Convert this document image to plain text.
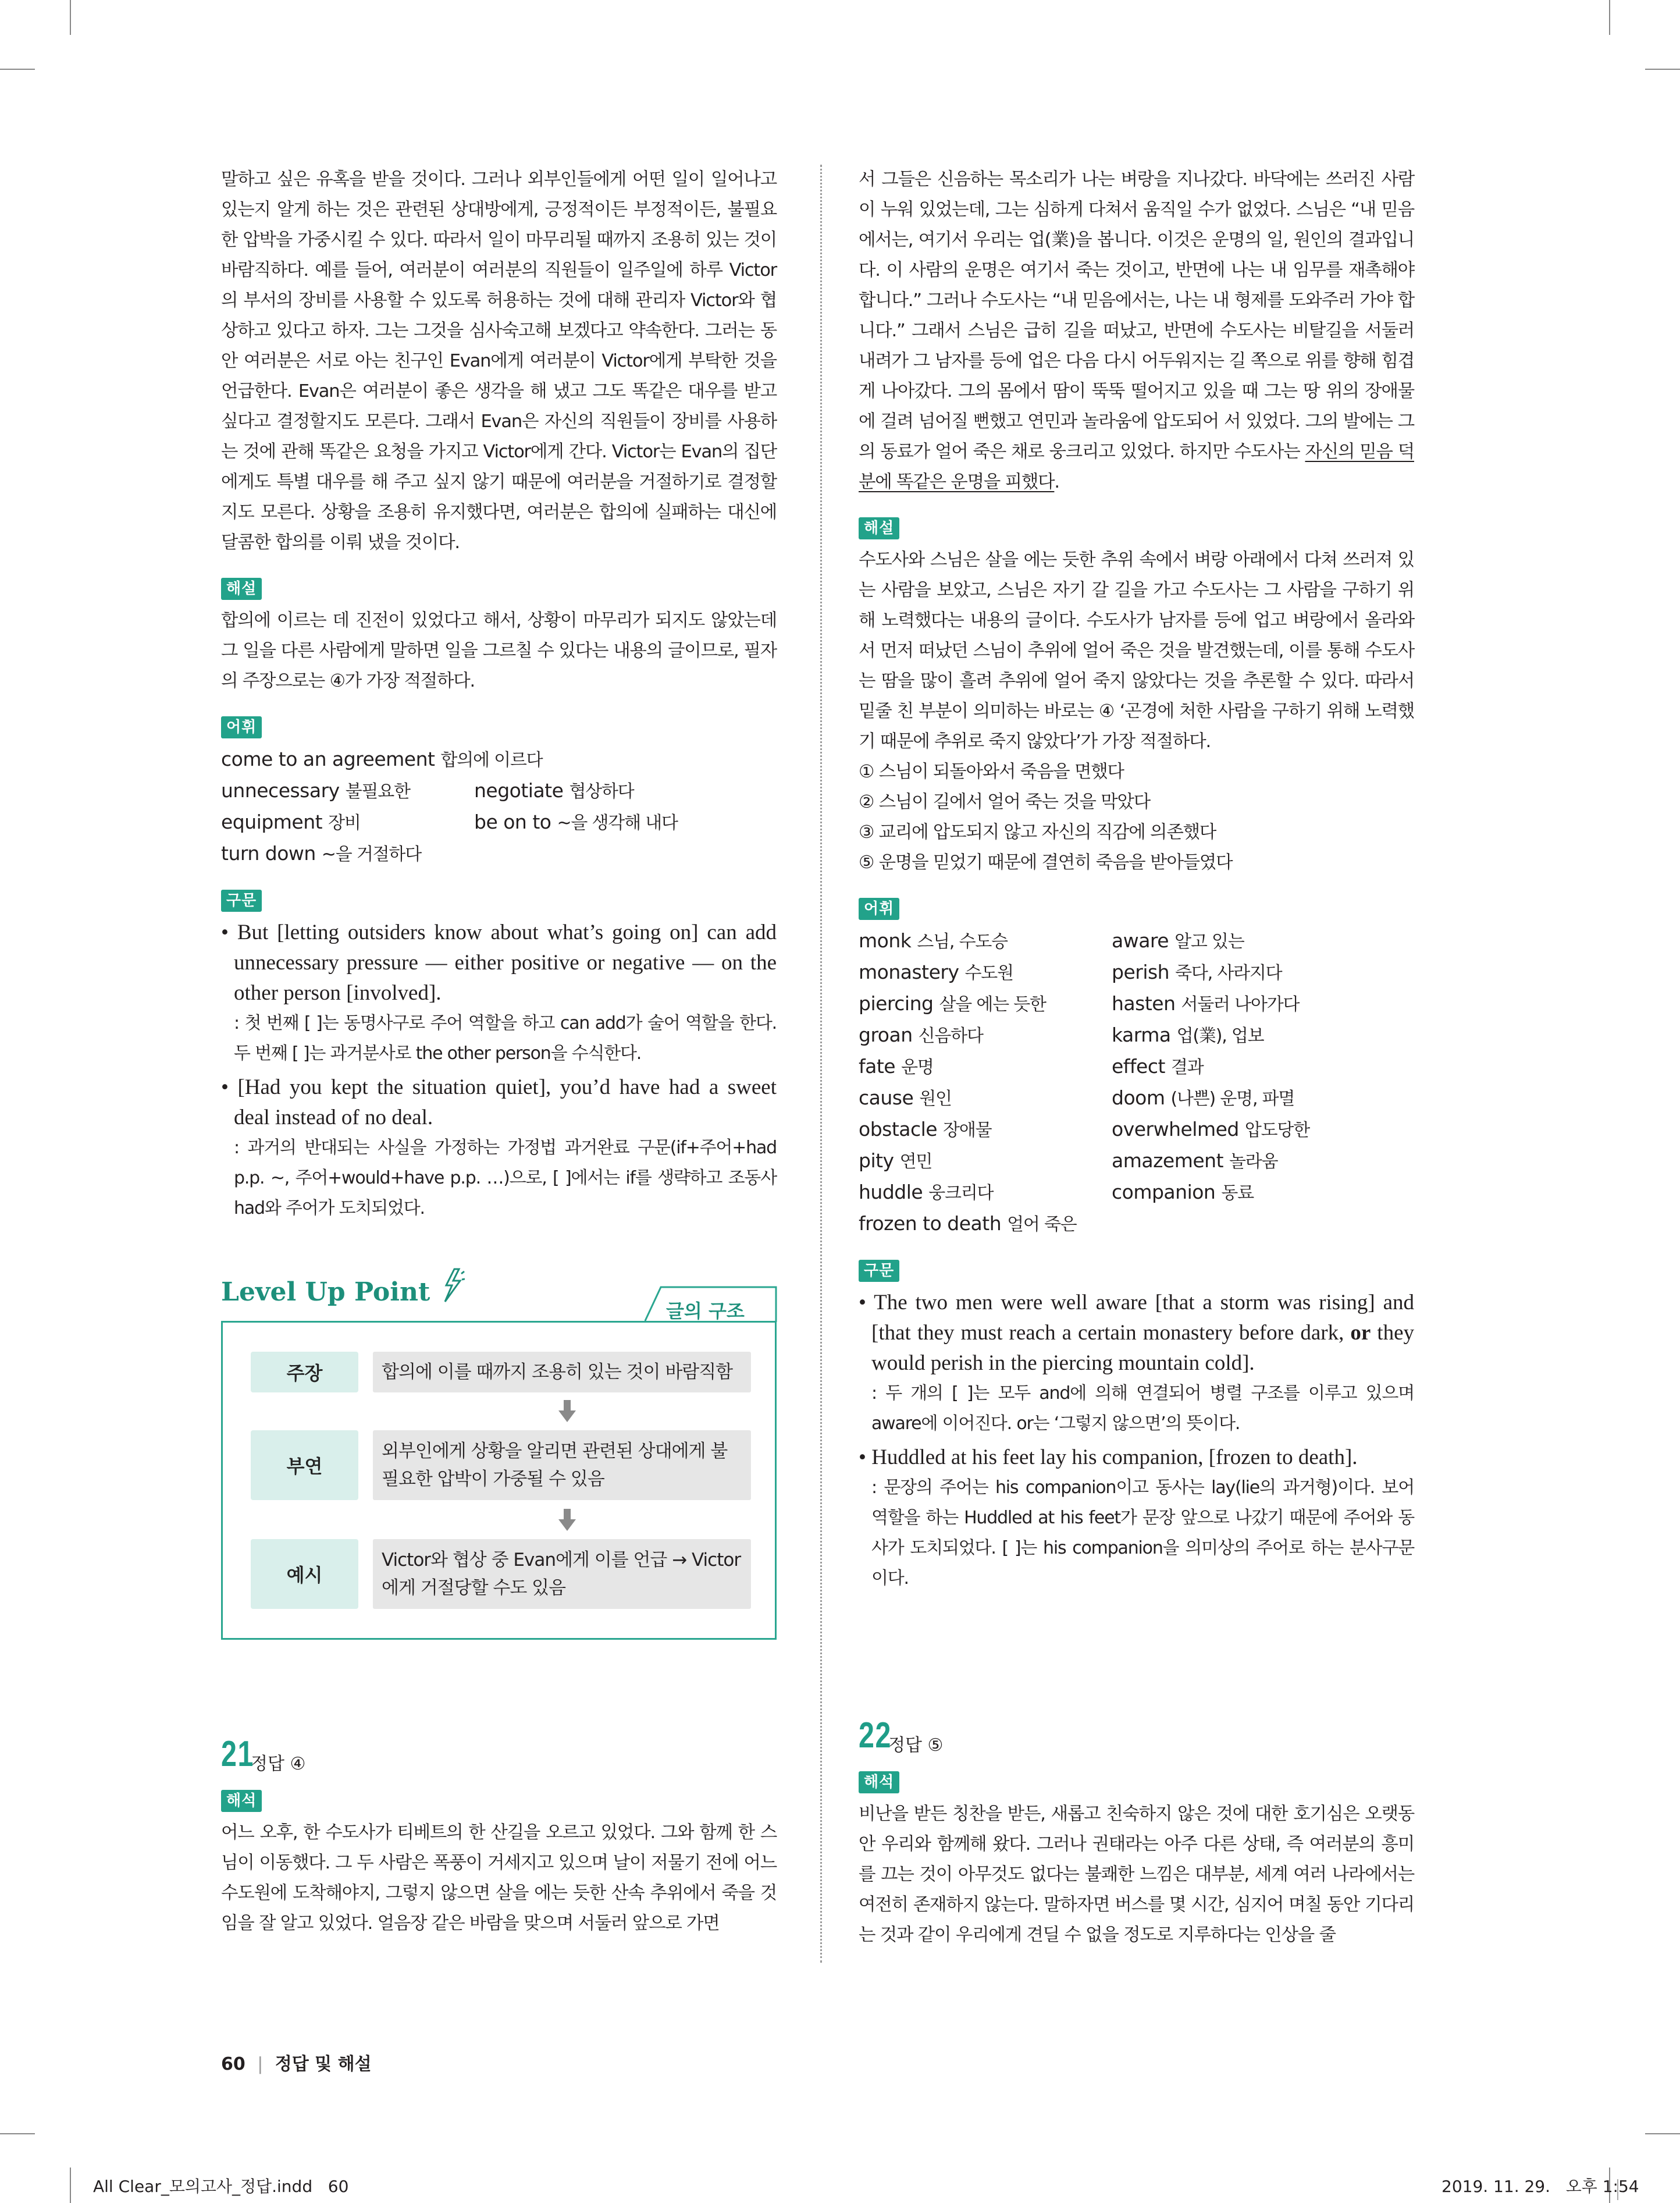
말하고 싶은 유혹을 받을 것이다. 그러나 외부인들에게 어떤 일이 일어나고 있는지 알게 하는 것은 관련된 상대방에게, 긍정적이든 부정적이든, 불필요한 압박을 가중시킬 수 있다. 따라서 일이 마무리될 때까지 조용히 있는 것이 바람직하다. 예를 들어, 여러분이 여러분의 직원들이 일주일에 하루 Victor의 부서의 장비를 사용할 수 있도록 허용하는 것에 대해 관리자 Victor와 협상하고 있다고 하자. 그는 그것을 심사숙고해 보겠다고 약속한다. 그러는 동안 여러분은 서로 아는 친구인 Evan에게 여러분이 Victor에게 부탁한 것을 언급한다. Evan은 여러분이 좋은 생각을 해 냈고 그도 똑같은 대우를 받고 싶다고 결정할지도 모른다. 그래서 Evan은 자신의 직원들이 장비를 사용하는 것에 관해 똑같은 요청을 가지고 Victor에게 간다. Victor는 Evan의 집단에게도 특별 대우를 해 주고 싶지 않기 때문에 여러분을 거절하기로 결정할지도 모른다. 상황을 조용히 유지했다면, 여러분은 합의에 실패하는 대신에 달콤한 합의를 이뤄 냈을 것이다.

해설

합의에 이르는 데 진전이 있었다고 해서, 상황이 마무리가 되지도 않았는데 그 일을 다른 사람에게 말하면 일을 그르칠 수 있다는 내용의 글이므로, 필자의 주장으로는 ④가 가장 적절하다.

어휘
come to an agreement 합의에 이르다
unnecessary 불필요한	negotiate 협상하다
equipment 장비	be on to ~을 생각해 내다
turn down ~을 거절하다
구문

• But [letting outsiders know about what’s going on] can add unnecessary pressure — either positive or negative — on the other person [involved].

: 첫 번째 [ ]는 동명사구로 주어 역할을 하고 can add가 술어 역할을 한다. 두 번째 [ ]는 과거분사로 the other person을 수식한다.

• [Had you kept the situation quiet], you’d have had a sweet deal instead of no deal.

: 과거의 반대되는 사실을 가정하는 가정법 과거완료 구문(if+주어+had p.p. ~, 주어+would+have p.p. …)으로, [ ]에서는 if를 생략하고 조동사 had와 주어가 도치되었다.

Level Up Point
글의 구조
주장	합의에 이를 때까지 조용히 있는 것이 바람직함
부연
외부인에게 상황을 알리면 관련된 상대에게 불필요한 압박이 가중될 수 있음
예시
Victor와 협상 중 Evan에게 이를 언급 → Victor에게 거절당할 수도 있음
21
정답 ④
해석

어느 오후, 한 수도사가 티베트의 한 산길을 오르고 있었다. 그와 함께 한 스님이 이동했다. 그 두 사람은 폭풍이 거세지고 있으며 날이 저물기 전에 어느 수도원에 도착해야지, 그렇지 않으면 살을 에는 듯한 산속 추위에서 죽을 것임을 잘 알고 있었다. 얼음장 같은 바람을 맞으며 서둘러 앞으로 가면

서 그들은 신음하는 목소리가 나는 벼랑을 지나갔다. 바닥에는 쓰러진 사람이 누워 있었는데, 그는 심하게 다쳐서 움직일 수가 없었다. 스님은 “내 믿음에서는, 여기서 우리는 업(業)을 봅니다. 이것은 운명의 일, 원인의 결과입니다. 이 사람의 운명은 여기서 죽는 것이고, 반면에 나는 내 임무를 재촉해야 합니다.” 그러나 수도사는 “내 믿음에서는, 나는 내 형제를 도와주러 가야 합니다.” 그래서 스님은 급히 길을 떠났고, 반면에 수도사는 비탈길을 서둘러 내려가 그 남자를 등에 업은 다음 다시 어두워지는 길 쪽으로 위를 향해 힘겹게 나아갔다. 그의 몸에서 땀이 뚝뚝 떨어지고 있을 때 그는 땅 위의 장애물에 걸려 넘어질 뻔했고 연민과 놀라움에 압도되어 서 있었다. 그의 발에는 그의 동료가 얼어 죽은 채로 웅크리고 있었다. 하지만 수도사는 자신의 믿음 덕분에 똑같은 운명을 피했다.

해설

수도사와 스님은 살을 에는 듯한 추위 속에서 벼랑 아래에서 다쳐 쓰러져 있는 사람을 보았고, 스님은 자기 갈 길을 가고 수도사는 그 사람을 구하기 위해 노력했다는 내용의 글이다. 수도사가 남자를 등에 업고 벼랑에서 올라와서 먼저 떠났던 스님이 추위에 얼어 죽은 것을 발견했는데, 이를 통해 수도사는 땀을 많이 흘려 추위에 얼어 죽지 않았다는 것을 추론할 수 있다. 따라서 밑줄 친 부분이 의미하는 바로는 ④ ‘곤경에 처한 사람을 구하기 위해 노력했기 때문에 추위로 죽지 않았다’가 가장 적절하다.

① 스님이 되돌아와서 죽음을 면했다

② 스님이 길에서 얼어 죽는 것을 막았다

③ 교리에 압도되지 않고 자신의 직감에 의존했다

⑤ 운명을 믿었기 때문에 결연히 죽음을 받아들였다

어휘
monk 스님, 수도승	aware 알고 있는
monastery 수도원	perish 죽다, 사라지다
piercing 살을 에는 듯한	hasten 서둘러 나아가다
groan 신음하다	karma 업(業), 업보
fate 운명	effect 결과
cause 원인	doom (나쁜) 운명, 파멸
obstacle 장애물	overwhelmed 압도당한
pity 연민	amazement 놀라움
huddle 웅크리다	companion 동료
frozen to death 얼어 죽은
구문

• The two men were well aware [that a storm was rising] and [that they must reach a certain monastery before dark, or they would perish in the piercing mountain cold].

: 두 개의 [ ]는 모두 and에 의해 연결되어 병렬 구조를 이루고 있으며 aware에 이어진다. or는 ‘그렇지 않으면’의 뜻이다.

• Huddled at his feet lay his companion, [frozen to death].

: 문장의 주어는 his companion이고 동사는 lay(lie의 과거형)이다. 보어 역할을 하는 Huddled at his feet가 문장 앞으로 나갔기 때문에 주어와 동사가 도치되었다. [ ]는 his companion을 의미상의 주어로 하는 분사구문이다.

22
정답 ⑤
해석

비난을 받든 칭찬을 받든, 새롭고 친숙하지 않은 것에 대한 호기심은 오랫동안 우리와 함께해 왔다. 그러나 권태라는 아주 다른 상태, 즉 여러분의 흥미를 끄는 것이 아무것도 없다는 불쾌한 느낌은 대부분, 세계 여러 나라에서는 여전히 존재하지 않는다. 말하자면 버스를 몇 시간, 심지어 며칠 동안 기다리는 것과 같이 우리에게 견딜 수 없을 정도로 지루하다는 인상을 줄

60 | 정답 및 해설
All Clear_모의고사_정답.indd   60	2019. 11. 29.   오후 1:54
